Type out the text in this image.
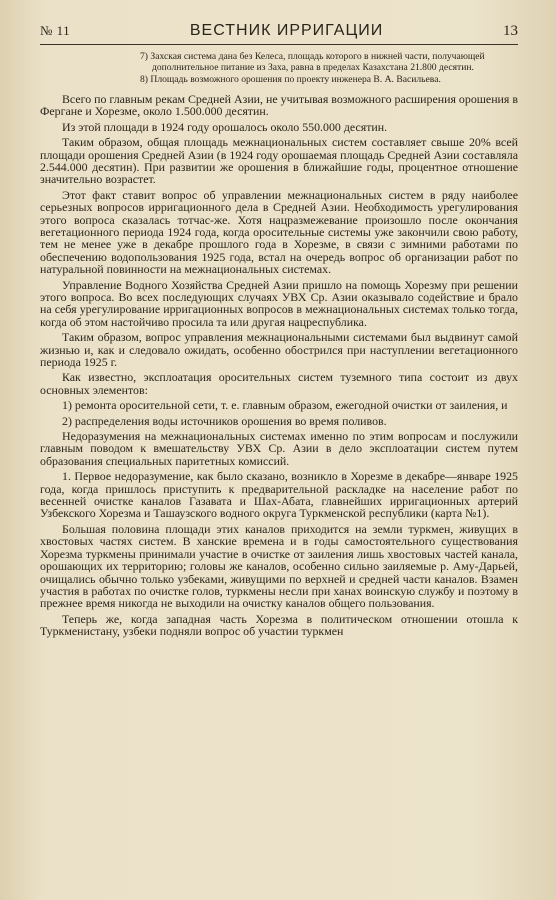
№ 11	ВЕСТНИК ИРРИГАЦИИ	13

7) Захская система дана без Келеса, площадь которого в нижней части, получающей дополнительное питание из Заха, равна в пределах Казахстана 21.800 десятин.

8) Площадь возможного орошения по проекту инженера В. А. Васильева.

Всего по главным рекам Средней Азии, не учитывая возможного расширения орошения в Фергане и Хорезме, около 1.500.000 десятин.

Из этой площади в 1924 году орошалось около 550.000 десятин.

Таким образом, общая площадь межнациональных систем составляет свыше 20% всей площади орошения Средней Азии (в 1924 году орошаемая площадь Средней Азии составляла 2.544.000 десятин). При развитии же орошения в ближайшие годы, процентное отношение значительно возрастет.

Этот факт ставит вопрос об управлении межнациональных систем в ряду наиболее серьезных вопросов ирригационного дела в Средней Азии. Необходимость урегулирования этого вопроса сказалась тотчас-же. Хотя нацразмежевание произошло после окончания вегетационного периода 1924 года, когда оросительные системы уже закончили свою работу, тем не менее уже в декабре прошлого года в Хорезме, в связи с зимними работами по обеспечению водопользования 1925 года, встал на очередь вопрос об организации работ по натуральной повинности на межнациональных системах.

Управление Водного Хозяйства Средней Азии пришло на помощь Хорезму при решении этого вопроса. Во всех последующих случаях УВХ Ср. Азии оказывало содействие и брало на себя урегулирование ирригационных вопросов в межнациональных системах только тогда, когда об этом настойчиво просила та или другая нацреспублика.

Таким образом, вопрос управления межнациональными системами был выдвинут самой жизнью и, как и следовало ожидать, особенно обострился при наступлении вегетационного периода 1925 г.

Как известно, эксплоатация оросительных систем туземного типа состоит из двух основных элементов:

1) ремонта оросительной сети, т. е. главным образом, ежегодной очистки от заиления, и

2) распределения воды источников орошения во время поливов.

Недоразумения на межнациональных системах именно по этим вопросам и послужили главным поводом к вмешательству УВХ Ср. Азии в дело эксплоатации систем путем образования специальных паритетных комиссий.

1. Первое недоразумение, как было сказано, возникло в Хорезме в декабре—январе 1925 года, когда пришлось приступить к предварительной раскладке на население работ по весенней очистке каналов Газавата и Шах-Абата, главнейших ирригационных артерий Узбекского Хорезма и Ташаузского водного округа Туркменской республики (карта №1).

Большая половина площади этих каналов приходится на земли туркмен, живущих в хвостовых частях систем. В ханские времена и в годы самостоятельного существования Хорезма туркмены принимали участие в очистке от заиления лишь хвостовых частей канала, орошающих их территорию; головы же каналов, особенно сильно заиляемые р. Аму-Дарьей, очищались обычно только узбеками, живущими по верхней и средней части каналов. Взамен участия в работах по очистке голов, туркмены несли при ханах воинскую службу и поэтому в прежнее время никогда не выходили на очистку каналов общего пользования.

Теперь же, когда западная часть Хорезма в политическом отношении отошла к Туркменистану, узбеки подняли вопрос об участии туркмен
